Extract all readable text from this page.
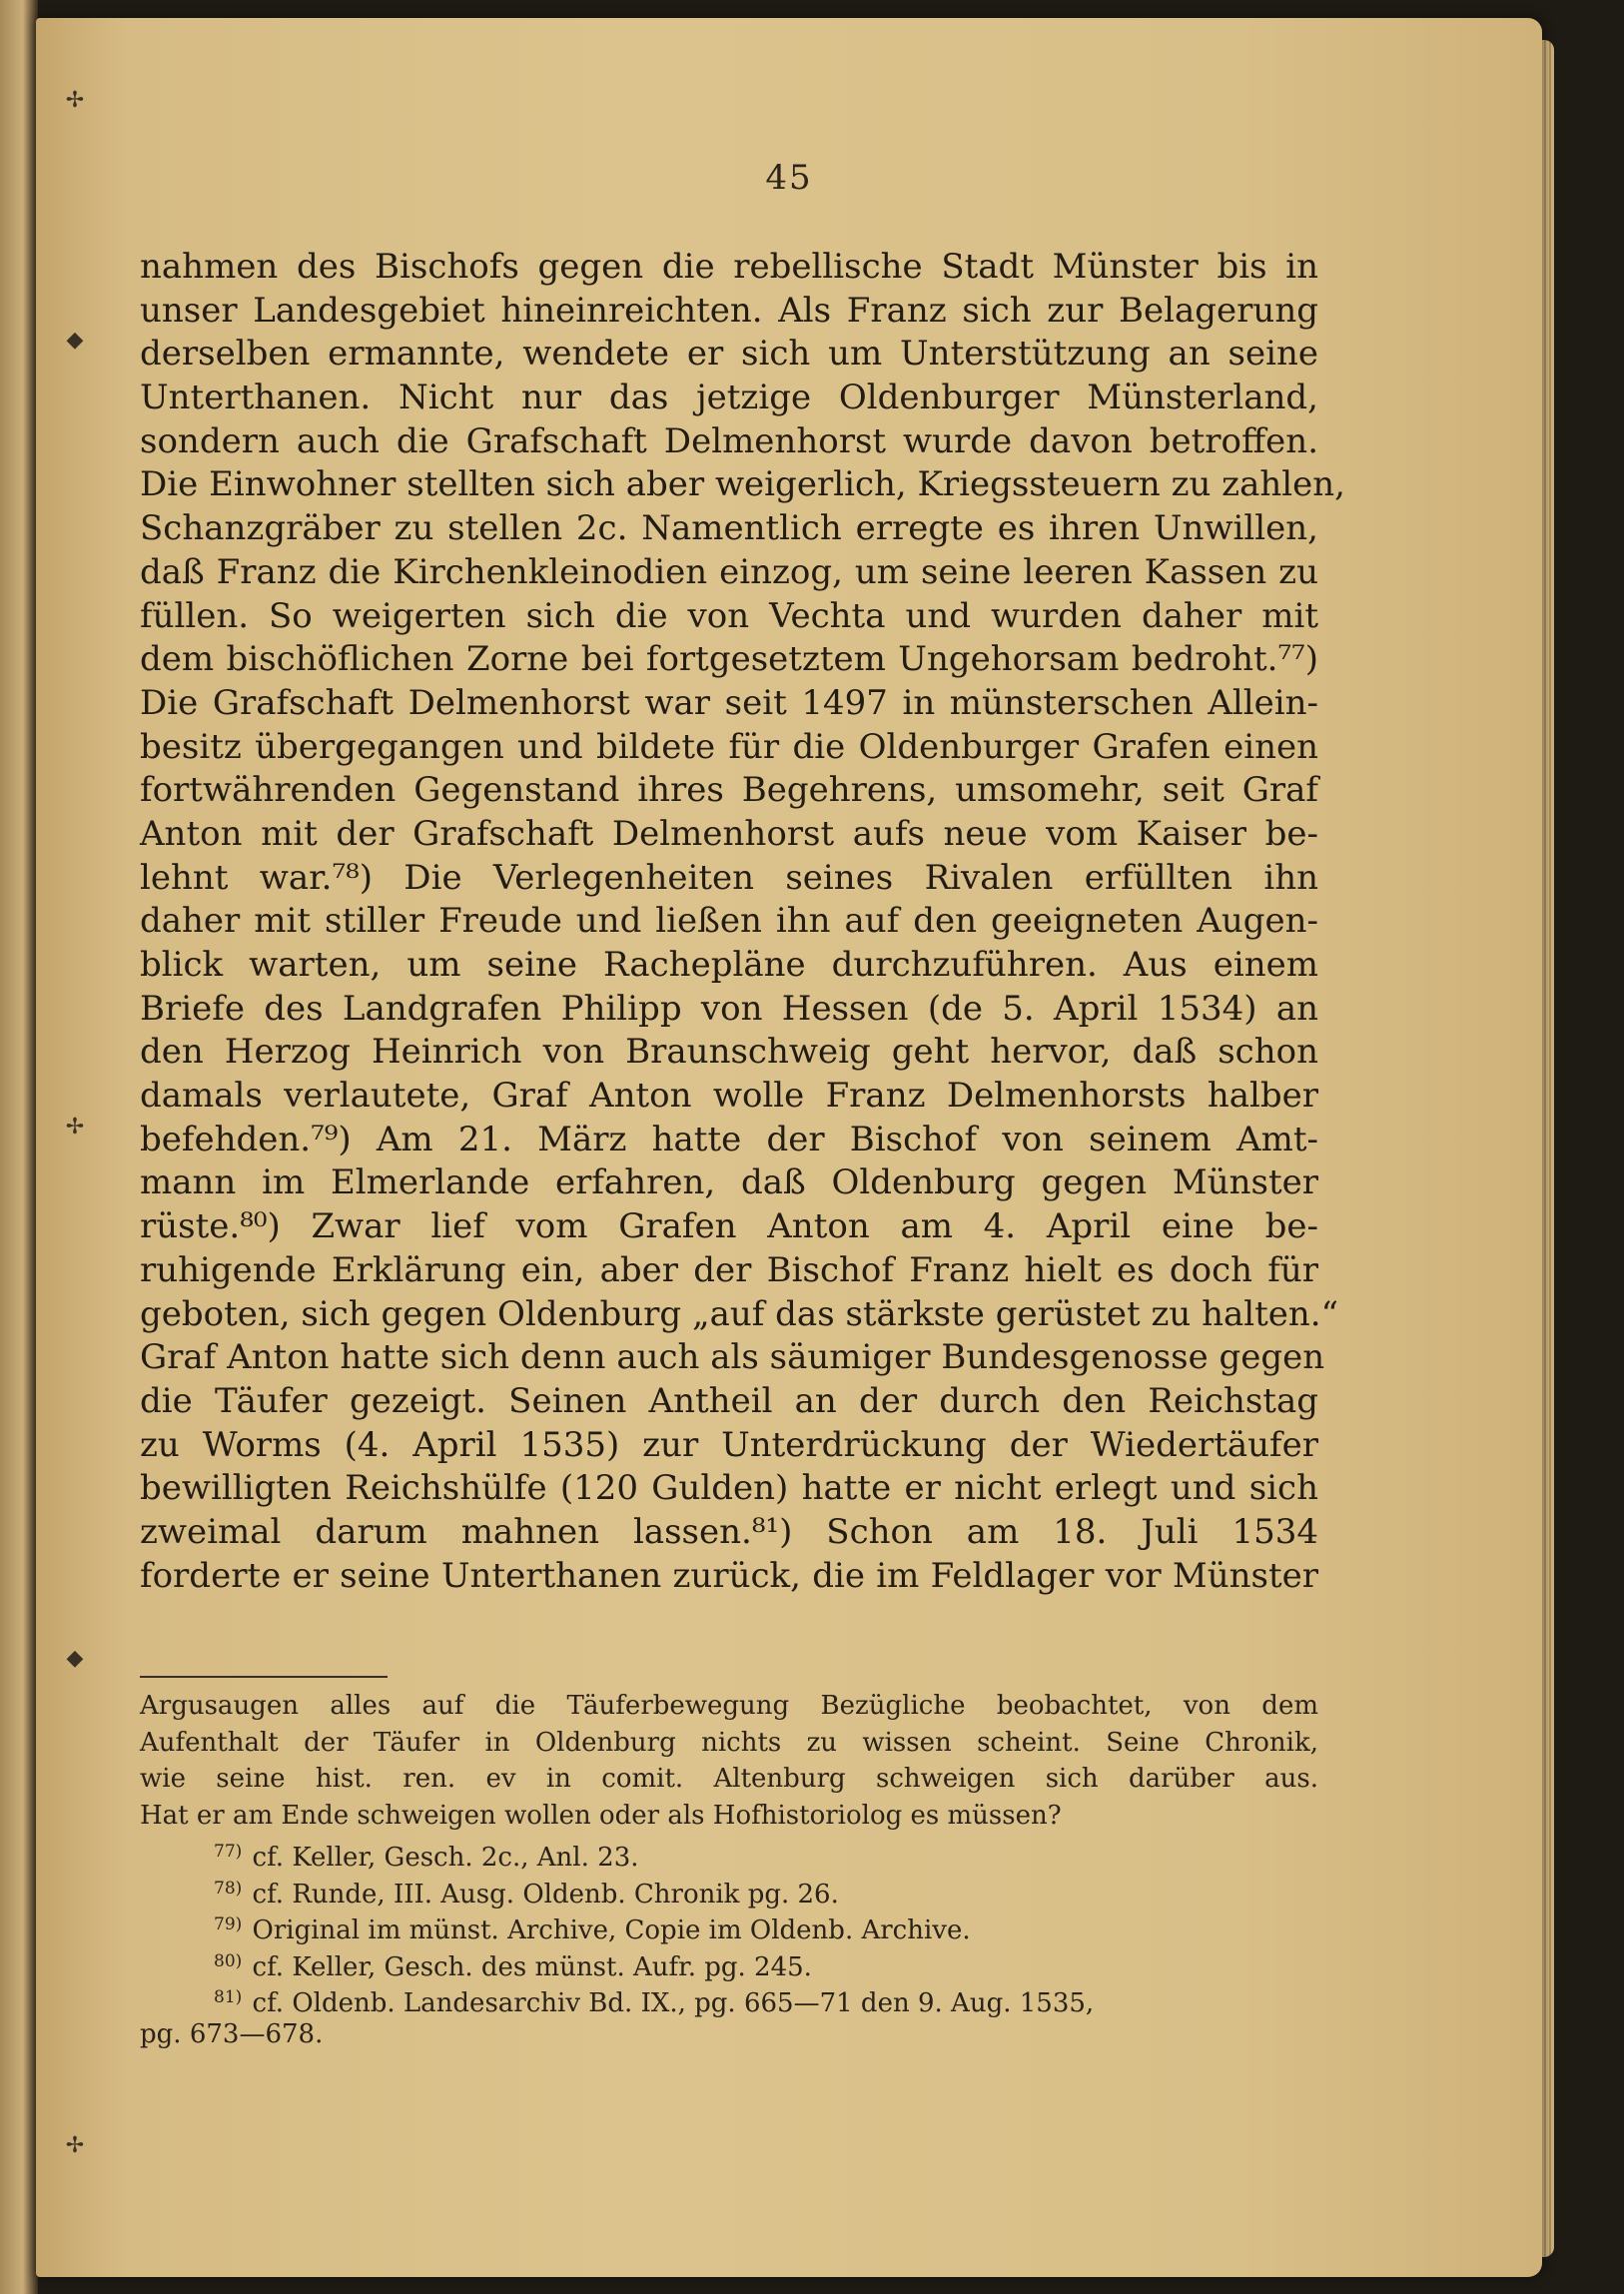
✢
◆
✢
◆
✢
45
nahmen des Bischofs gegen die rebellische Stadt Münster bis in
unser Landesgebiet hineinreichten. Als Franz sich zur Belagerung
derselben ermannte, wendete er sich um Unterstützung an seine
Unterthanen. Nicht nur das jetzige Oldenburger Münsterland,
sondern auch die Grafschaft Delmenhorst wurde davon betroffen.
Die Einwohner stellten sich aber weigerlich, Kriegssteuern zu zahlen,
Schanzgräber zu stellen 2c. Namentlich erregte es ihren Unwillen,
daß Franz die Kirchenkleinodien einzog, um seine leeren Kassen zu
füllen. So weigerten sich die von Vechta und wurden daher mit
dem bischöflichen Zorne bei fortgesetztem Ungehorsam bedroht.⁷⁷)
Die Grafschaft Delmenhorst war seit 1497 in münsterschen Allein-
besitz übergegangen und bildete für die Oldenburger Grafen einen
fortwährenden Gegenstand ihres Begehrens, umsomehr, seit Graf
Anton mit der Grafschaft Delmenhorst aufs neue vom Kaiser be-
lehnt war.⁷⁸) Die Verlegenheiten seines Rivalen erfüllten ihn
daher mit stiller Freude und ließen ihn auf den geeigneten Augen-
blick warten, um seine Rachepläne durchzuführen. Aus einem
Briefe des Landgrafen Philipp von Hessen (de 5. April 1534) an
den Herzog Heinrich von Braunschweig geht hervor, daß schon
damals verlautete, Graf Anton wolle Franz Delmenhorsts halber
befehden.⁷⁹) Am 21. März hatte der Bischof von seinem Amt-
mann im Elmerlande erfahren, daß Oldenburg gegen Münster
rüste.⁸⁰) Zwar lief vom Grafen Anton am 4. April eine be-
ruhigende Erklärung ein, aber der Bischof Franz hielt es doch für
geboten, sich gegen Oldenburg „auf das stärkste gerüstet zu halten.“
Graf Anton hatte sich denn auch als säumiger Bundesgenosse gegen
die Täufer gezeigt. Seinen Antheil an der durch den Reichstag
zu Worms (4. April 1535) zur Unterdrückung der Wiedertäufer
bewilligten Reichshülfe (120 Gulden) hatte er nicht erlegt und sich
zweimal darum mahnen lassen.⁸¹) Schon am 18. Juli 1534
forderte er seine Unterthanen zurück, die im Feldlager vor Münster
Argusaugen alles auf die Täuferbewegung Bezügliche beobachtet, von dem
Aufenthalt der Täufer in Oldenburg nichts zu wissen scheint. Seine Chronik,
wie seine hist. ren. ev in comit. Altenburg schweigen sich darüber aus.
Hat er am Ende schweigen wollen oder als Hofhistoriolog es müssen?
$^{77)}$ cf. Keller, Gesch. 2c., Anl. 23.
$^{78)}$ cf. Runde, III. Ausg. Oldenb. Chronik pg. 26.
$^{79)}$ Original im münst. Archive, Copie im Oldenb. Archive.
$^{80)}$ cf. Keller, Gesch. des münst. Aufr. pg. 245.
$^{81)}$ cf. Oldenb. Landesarchiv Bd. IX., pg. 665—71 den 9. Aug. 1535,
pg. 673—678.
